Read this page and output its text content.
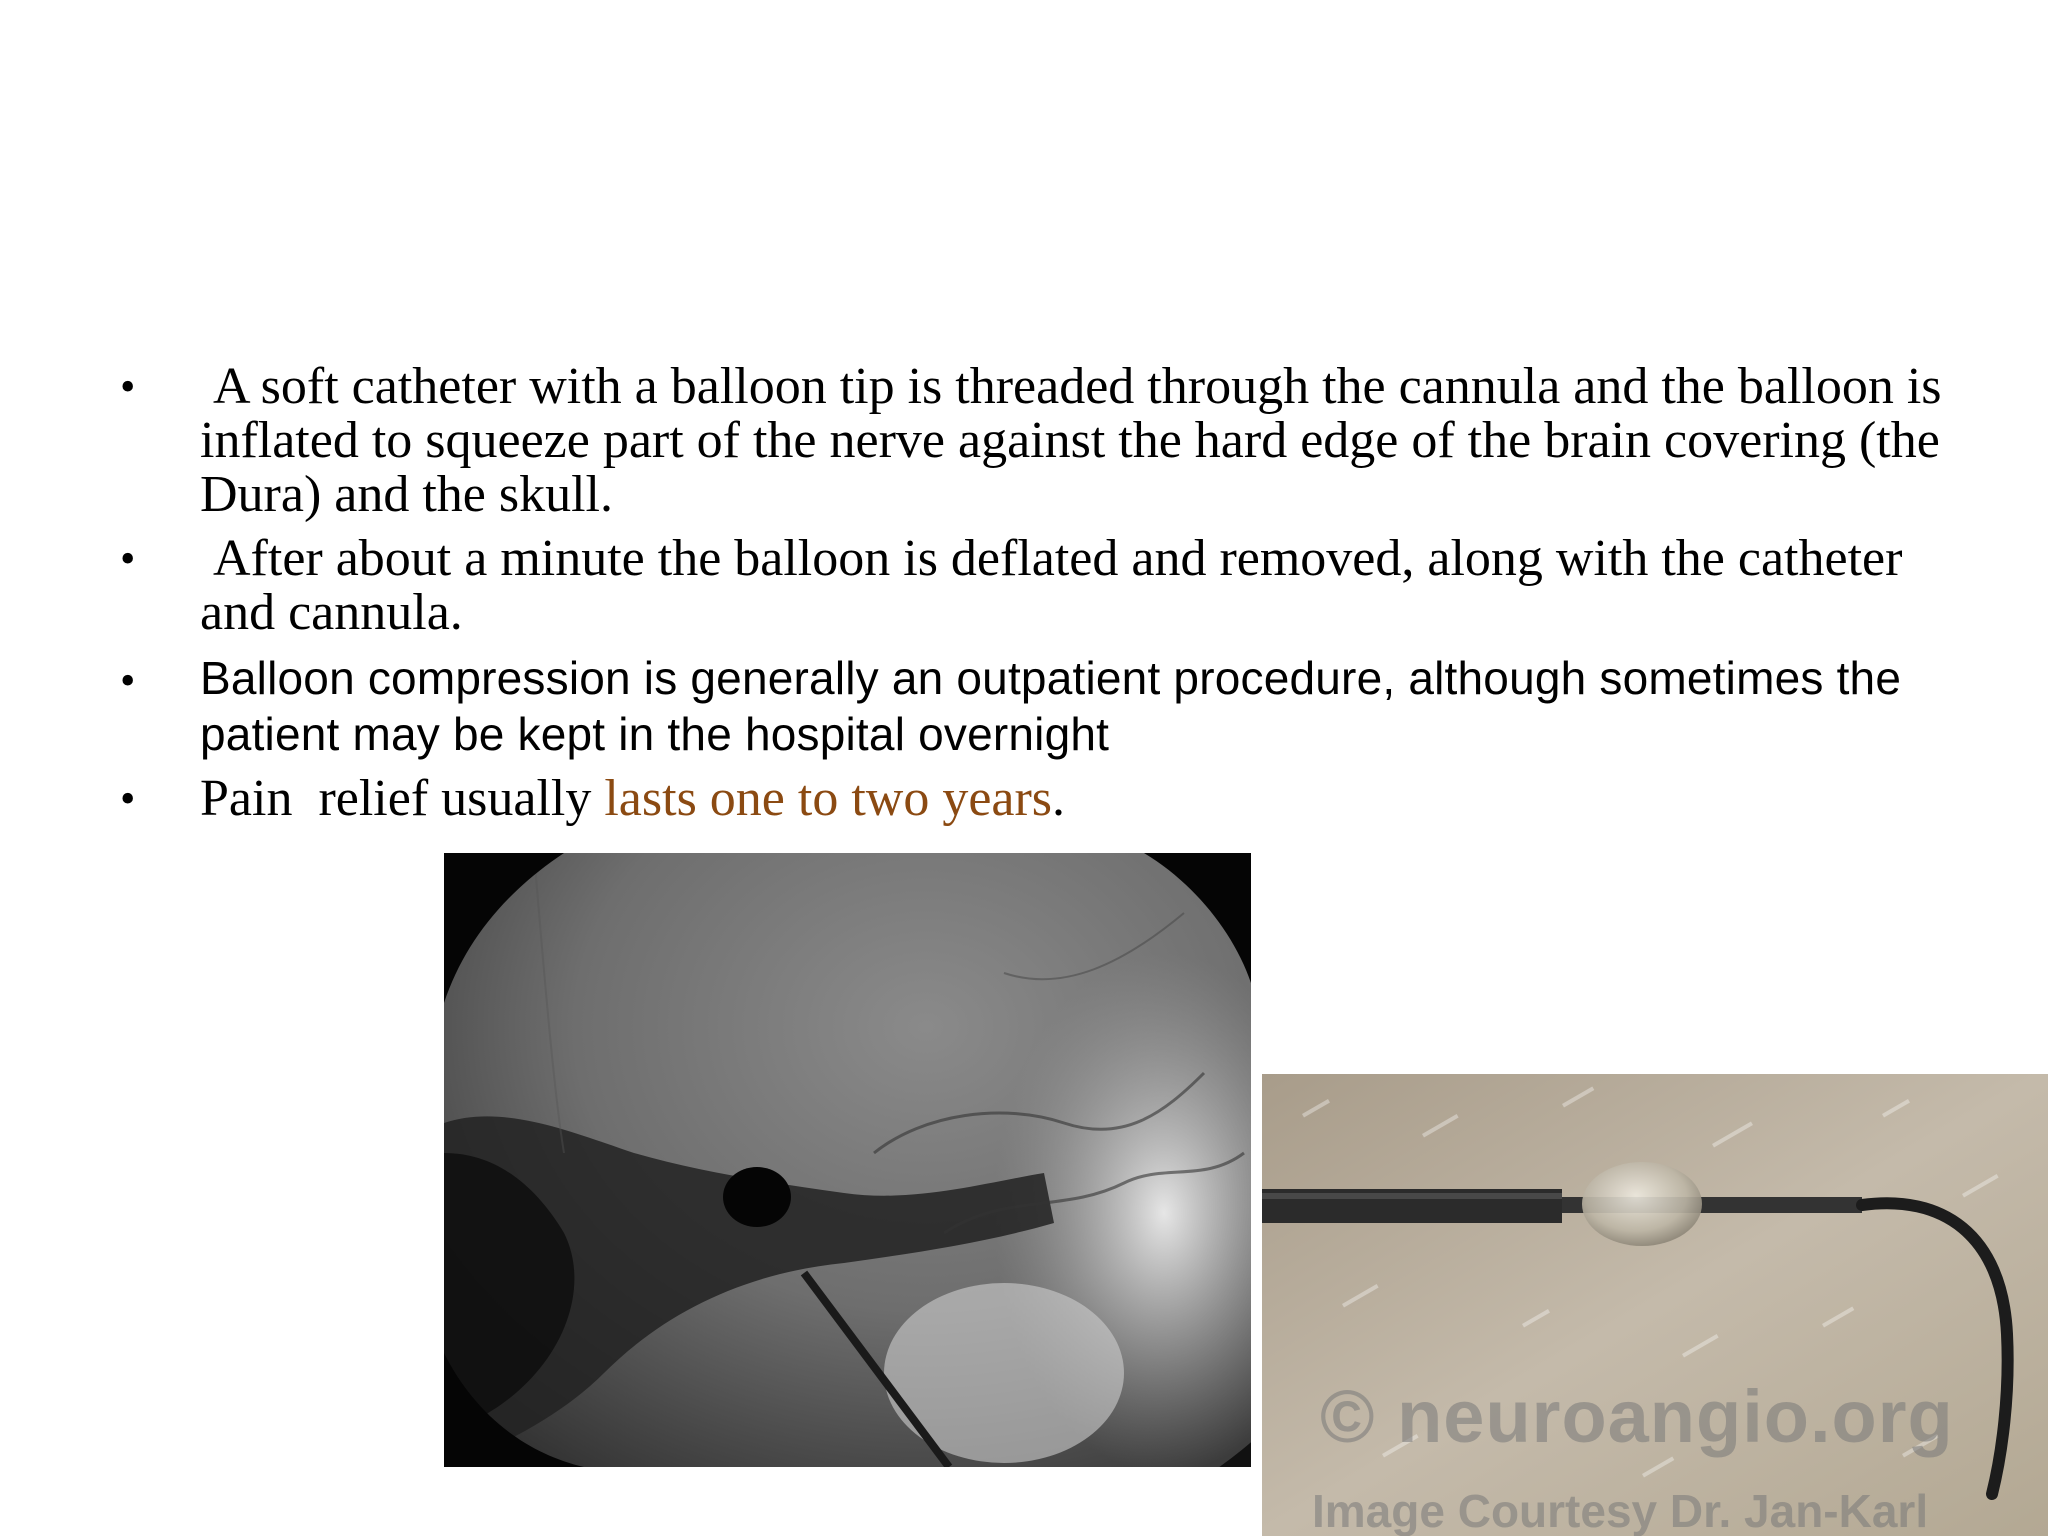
• A soft catheter with a balloon tip is threaded through the cannula and the balloon is inflated to squeeze part of the nerve against the hard edge of the brain covering (the Dura) and the skull.
• After about a minute the balloon is deflated and removed, along with the catheter and cannula.
• Balloon compression is generally an outpatient procedure, although sometimes the patient may be kept in the hospital overnight
• Pain  relief usually lasts one to two years.
© neuroangio.org
Image Courtesy Dr. Jan-Karl
